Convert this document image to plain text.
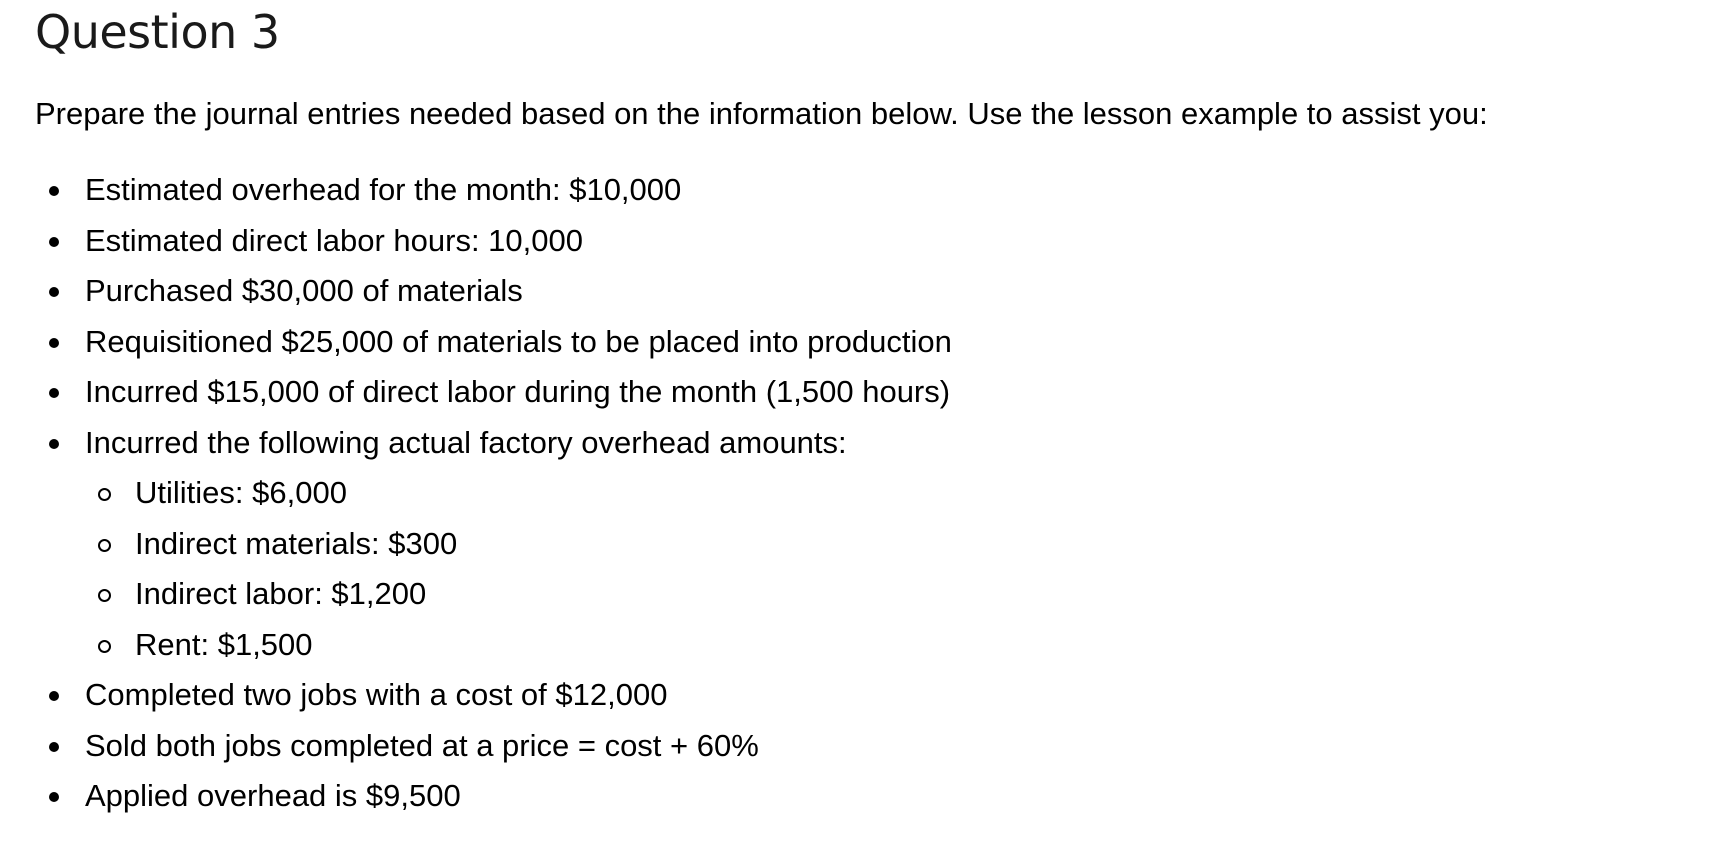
Question 3

Prepare the journal entries needed based on the information below. Use the lesson example to assist you:

Estimated overhead for the month: $10,000
Estimated direct labor hours: 10,000
Purchased $30,000 of materials
Requisitioned $25,000 of materials to be placed into production
Incurred $15,000 of direct labor during the month (1,500 hours)
Incurred the following actual factory overhead amounts:
Utilities: $6,000
Indirect materials: $300
Indirect labor: $1,200
Rent: $1,500
Completed two jobs with a cost of $12,000
Sold both jobs completed at a price = cost + 60%
Applied overhead is $9,500
